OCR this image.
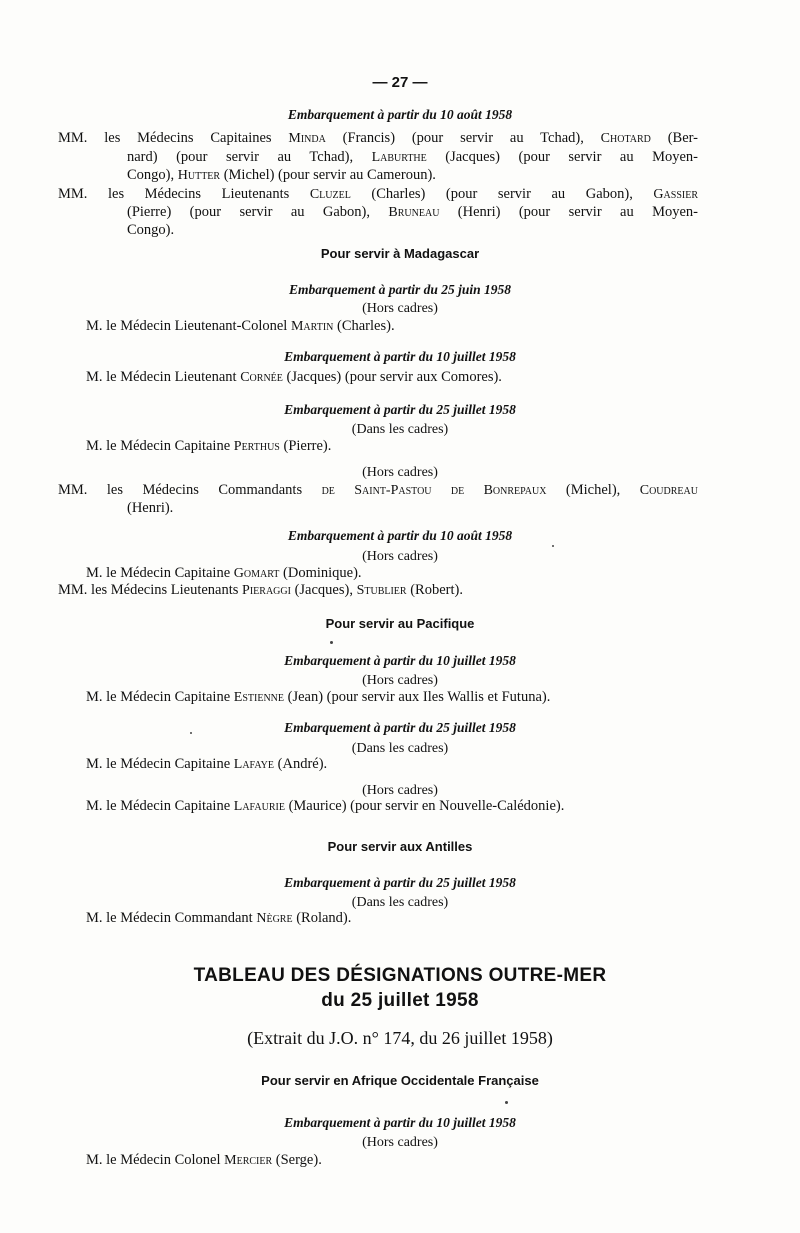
— 27 —
Embarquement à partir du 10 août 1958
MM. les Médecins Capitaines Minda (Francis) (pour servir au Tchad), Chotard (Ber-
nard) (pour servir au Tchad), Laburthe (Jacques) (pour servir au Moyen-
Congo), Hutter (Michel) (pour servir au Cameroun).
MM. les Médecins Lieutenants Cluzel (Charles) (pour servir au Gabon), Gassier
(Pierre) (pour servir au Gabon), Bruneau (Henri) (pour servir au Moyen-
Congo).
Pour servir à Madagascar
Embarquement à partir du 25 juin 1958
(Hors cadres)
M. le Médecin Lieutenant-Colonel Martin (Charles).
Embarquement à partir du 10 juillet 1958
M. le Médecin Lieutenant Cornée (Jacques) (pour servir aux Comores).
Embarquement à partir du 25 juillet 1958
(Dans les cadres)
M. le Médecin Capitaine Perthus (Pierre).
(Hors cadres)
MM. les Médecins Commandants de Saint-Pastou de Bonrepaux (Michel), Coudreau
(Henri).
Embarquement à partir du 10 août 1958
(Hors cadres)
M. le Médecin Capitaine Gomart (Dominique).
MM. les Médecins Lieutenants Pieraggi (Jacques), Stublier (Robert).
Pour servir au Pacifique
Embarquement à partir du 10 juillet 1958
(Hors cadres)
M. le Médecin Capitaine Estienne (Jean) (pour servir aux Iles Wallis et Futuna).
Embarquement à partir du 25 juillet 1958
(Dans les cadres)
M. le Médecin Capitaine Lafaye (André).
(Hors cadres)
M. le Médecin Capitaine Lafaurie (Maurice) (pour servir en Nouvelle-Calédonie).
Pour servir aux Antilles
Embarquement à partir du 25 juillet 1958
(Dans les cadres)
M. le Médecin Commandant Nègre (Roland).
TABLEAU DES DÉSIGNATIONS OUTRE-MER
du 25 juillet 1958
(Extrait du J.O. n° 174, du 26 juillet 1958)
Pour servir en Afrique Occidentale Française
Embarquement à partir du 10 juillet 1958
(Hors cadres)
M. le Médecin Colonel Mercier (Serge).
